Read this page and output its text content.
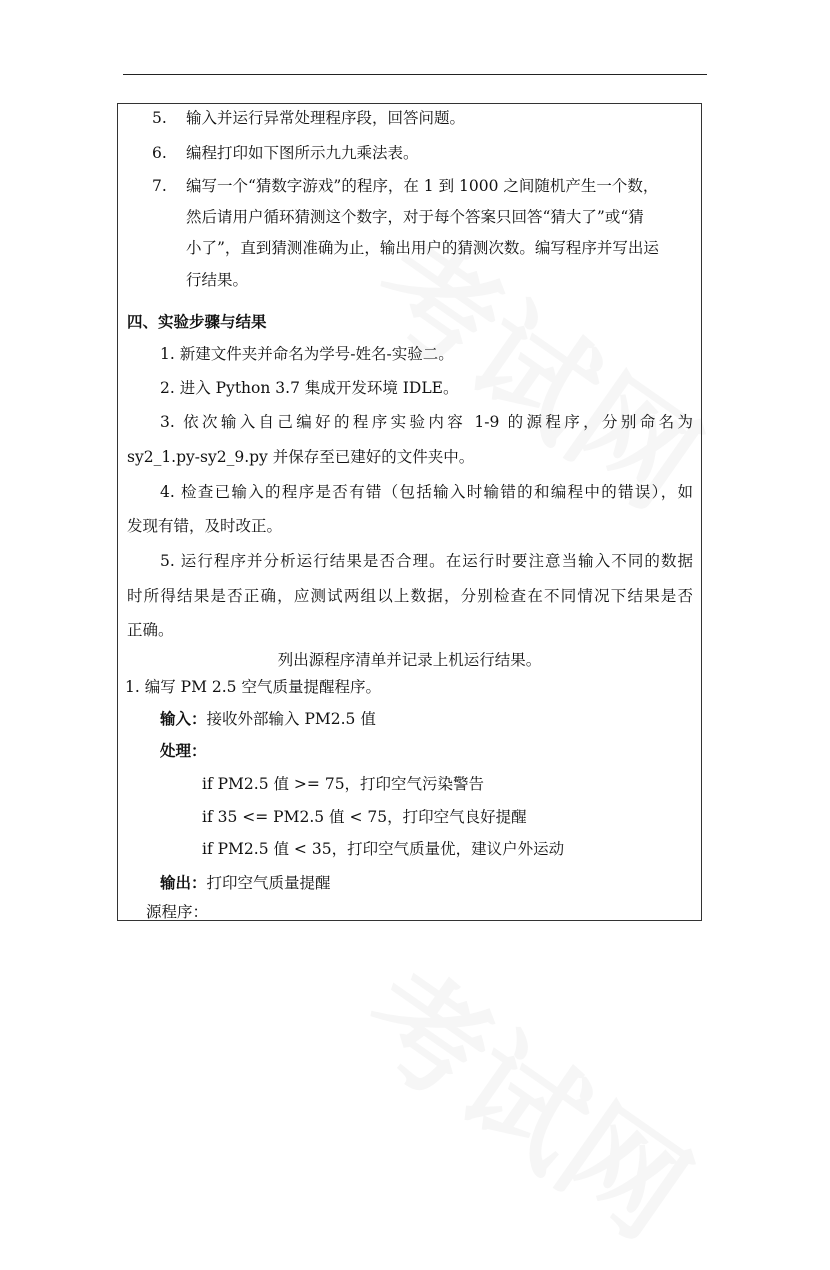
5. 输入并运行异常处理程序段，回答问题。
6. 编程打印如下图所示九九乘法表。
7. 编写一个“猜数字游戏”的程序，在 1 到 1000 之间随机产生一个数，
然后请用户循环猜测这个数字，对于每个答案只回答“猜大了”或“猜
小了”，直到猜测准确为止，输出用户的猜测次数。编写程序并写出运
行结果。
四、实验步骤与结果
1. 新建文件夹并命名为学号-姓名-实验二。
2. 进入 Python 3.7 集成开发环境 IDLE。
3. 依次输入自己编好的程序实验内容 1-9 的源程序，分别命名为
sy2_1.py-sy2_9.py 并保存至已建好的文件夹中。
4. 检查已输入的程序是否有错（包括输入时输错的和编程中的错误），如
发现有错，及时改正。
5. 运行程序并分析运行结果是否合理。在运行时要注意当输入不同的数据
时所得结果是否正确，应测试两组以上数据，分别检查在不同情况下结果是否
正确。
列出源程序清单并记录上机运行结果。
1. 编写 PM 2.5 空气质量提醒程序。
输入：接收外部输入 PM2.5 值
处理：
if PM2.5 值 >= 75，打印空气污染警告
if 35 <= PM2.5 值 < 75，打印空气良好提醒
if PM2.5 值 < 35，打印空气质量优，建议户外运动
输出：打印空气质量提醒
源程序：
